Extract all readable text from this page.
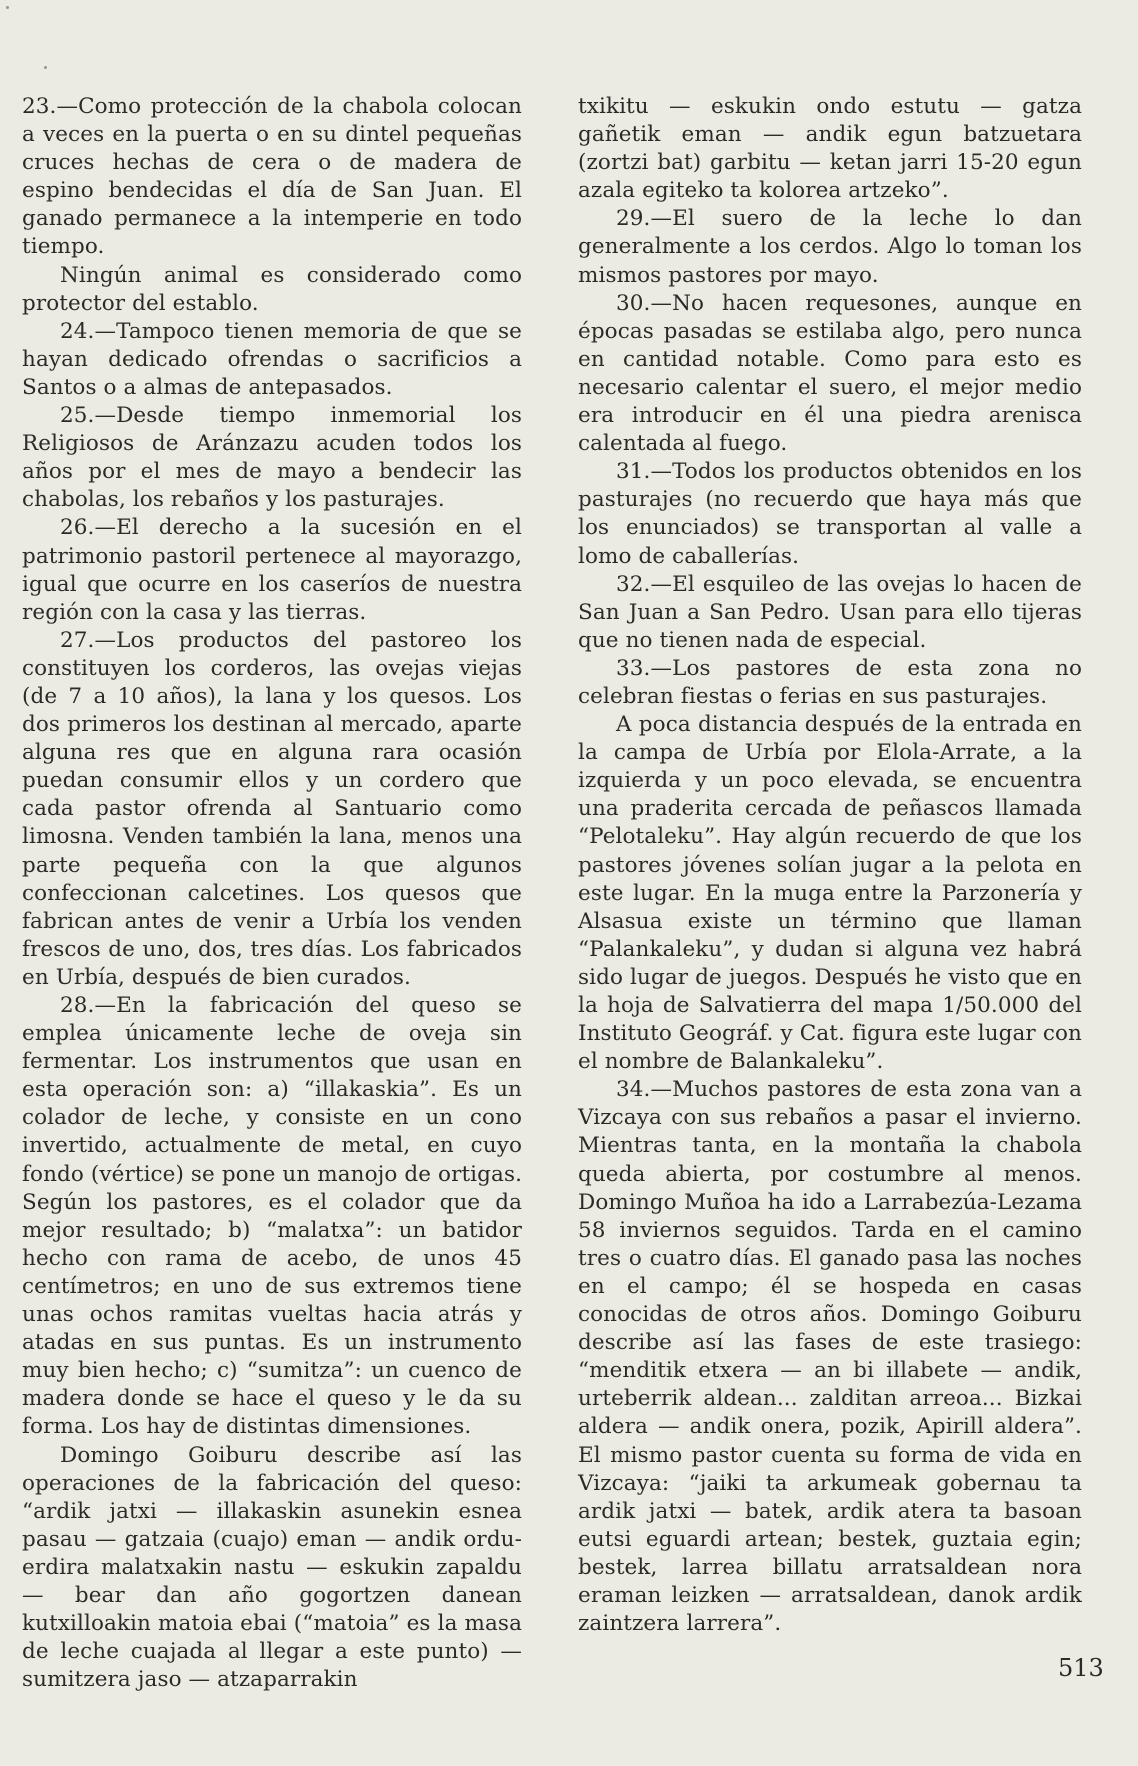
23.—Como protección de la chabola colocan a veces en la puerta o en su dintel pequeñas cruces hechas de cera o de madera de espino bendecidas el día de San Juan. El ganado permanece a la intemperie en todo tiempo.

Ningún animal es considerado como protector del establo.

24.—Tampoco tienen memoria de que se hayan dedicado ofrendas o sacrificios a Santos o a almas de antepasados.

25.—Desde tiempo inmemorial los Religiosos de Aránzazu acuden todos los años por el mes de mayo a bendecir las chabolas, los rebaños y los pasturajes.

26.—El derecho a la sucesión en el patrimonio pastoril pertenece al mayorazgo, igual que ocurre en los caseríos de nuestra región con la casa y las tierras.

27.—Los productos del pastoreo los constituyen los corderos, las ovejas viejas (de 7 a 10 años), la lana y los quesos. Los dos primeros los destinan al mercado, aparte alguna res que en alguna rara ocasión puedan consumir ellos y un cordero que cada pastor ofrenda al Santuario como limosna. Venden también la lana, menos una parte pequeña con la que algunos confeccionan calcetines. Los quesos que fabrican antes de venir a Urbía los venden frescos de uno, dos, tres días. Los fabricados en Urbía, después de bien curados.

28.—En la fabricación del queso se emplea únicamente leche de oveja sin fermentar. Los instrumentos que usan en esta operación son: a) “illakaskia”. Es un colador de leche, y consiste en un cono invertido, actualmente de metal, en cuyo fondo (vértice) se pone un manojo de ortigas. Según los pastores, es el colador que da mejor resultado; b) “malatxa”: un batidor hecho con rama de acebo, de unos 45 centímetros; en uno de sus extremos tiene unas ochos ramitas vueltas hacia atrás y atadas en sus puntas. Es un instrumento muy bien hecho; c) “sumitza”: un cuenco de madera donde se hace el queso y le da su forma. Los hay de distintas dimensiones.

Domingo Goiburu describe así las operaciones de la fabricación del queso: “ardik jatxi — illakaskin asunekin esnea pasau — gatzaia (cuajo) eman — andik ordu-erdira malatxakin nastu — eskukin zapaldu — bear dan año gogortzen danean kutxilloakin matoia ebai (“matoia” es la masa de leche cuajada al llegar a este punto) — sumitzera jaso — atzaparrakin

txikitu — eskukin ondo estutu — gatza gañetik eman — andik egun batzuetara (zortzi bat) garbitu — ketan jarri 15-20 egun azala egiteko ta kolorea artzeko”.

29.—El suero de la leche lo dan generalmente a los cerdos. Algo lo toman los mismos pastores por mayo.

30.—No hacen requesones, aunque en épocas pasadas se estilaba algo, pero nunca en cantidad notable. Como para esto es necesario calentar el suero, el mejor medio era introducir en él una piedra arenisca calentada al fuego.

31.—Todos los productos obtenidos en los pasturajes (no recuerdo que haya más que los enunciados) se transportan al valle a lomo de caballerías.

32.—El esquileo de las ovejas lo hacen de San Juan a San Pedro. Usan para ello tijeras que no tienen nada de especial.

33.—Los pastores de esta zona no celebran fiestas o ferias en sus pasturajes.

A poca distancia después de la entrada en la campa de Urbía por Elola-Arrate, a la izquierda y un poco elevada, se encuentra una praderita cercada de peñascos llamada “Pelotaleku”. Hay algún recuerdo de que los pastores jóvenes solían jugar a la pelota en este lugar. En la muga entre la Parzonería y Alsasua existe un término que llaman “Palankaleku”, y dudan si alguna vez habrá sido lugar de juegos. Después he visto que en la hoja de Salvatierra del mapa 1/50.000 del Instituto Geográf. y Cat. figura este lugar con el nombre de Balankaleku”.

34.—Muchos pastores de esta zona van a Vizcaya con sus rebaños a pasar el invierno. Mientras tanta, en la montaña la chabola queda abierta, por costumbre al menos. Domingo Muñoa ha ido a Larrabezúa-Lezama 58 inviernos seguidos. Tarda en el camino tres o cuatro días. El ganado pasa las noches en el campo; él se hospeda en casas conocidas de otros años. Domingo Goiburu describe así las fases de este trasiego: “menditik etxera — an bi illabete — andik, urteberrik aldean... zalditan arreoa... Bizkai aldera — andik onera, pozik, Apirill aldera”. El mismo pastor cuenta su forma de vida en Vizcaya: “jaiki ta arkumeak gobernau ta ardik jatxi — batek, ardik atera ta basoan eutsi eguardi artean; bestek, guztaia egin; bestek, larrea billatu arratsaldean nora eraman leizken — arratsaldean, danok ardik zaintzera larrera”.

513
